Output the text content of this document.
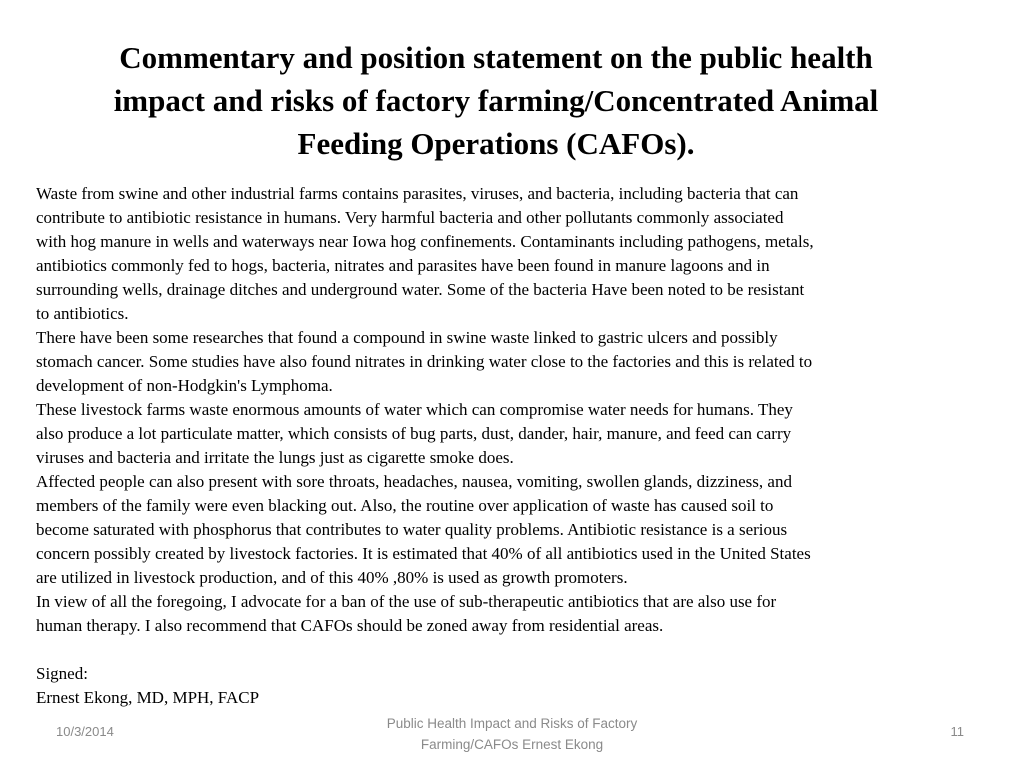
Commentary and position statement on the public health
impact and risks of factory farming/Concentrated Animal
Feeding Operations (CAFOs).
Waste from swine and other industrial farms contains parasites, viruses, and bacteria, including bacteria that can
contribute to antibiotic resistance in humans. Very harmful bacteria and other pollutants commonly associated
with hog manure in wells and waterways near Iowa hog confinements. Contaminants including pathogens, metals,
antibiotics commonly fed to hogs, bacteria, nitrates and parasites have been found in manure lagoons and in
surrounding wells, drainage ditches and underground water. Some of the bacteria Have been noted to be resistant
to antibiotics.
There have been some researches that found a compound in swine waste linked to gastric ulcers and possibly
stomach cancer. Some studies have also found nitrates in drinking water close to the factories and this is related to
development of non-Hodgkin's Lymphoma.
These livestock farms waste enormous amounts of water which can compromise water needs for humans. They
also produce a lot particulate matter, which consists of bug parts, dust, dander, hair, manure, and feed can carry
viruses and bacteria and irritate the lungs just as cigarette smoke does.
Affected people can also present with sore throats, headaches, nausea, vomiting, swollen glands, dizziness, and
members of the family were even blacking out. Also, the routine over application of waste has caused soil to
become saturated with phosphorus that contributes to water quality problems. Antibiotic resistance is a serious
concern possibly created by livestock factories. It is estimated that 40% of all antibiotics used in the United States
are utilized in livestock production, and of this 40% ,80% is used as growth promoters.
In view of all the foregoing, I advocate for a ban of the use of sub-therapeutic antibiotics that are also use for
human therapy. I also recommend that CAFOs should be zoned away from residential areas.
Signed:
Ernest Ekong, MD, MPH, FACP
10/3/2014
Public Health Impact and Risks of Factory
Farming/CAFOs Ernest Ekong
11
